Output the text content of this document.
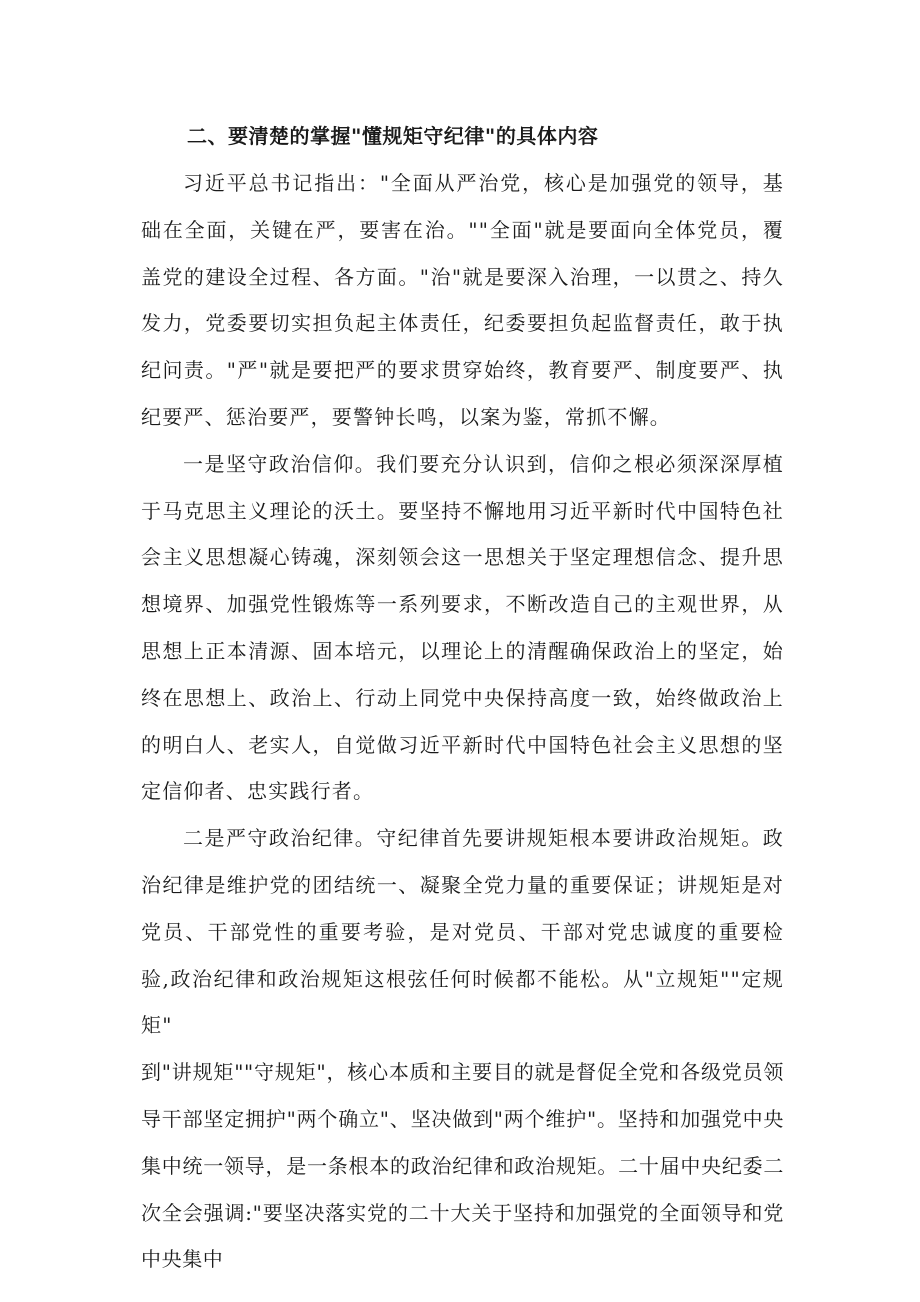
二、要清楚的掌握"懂规矩守纪律"的具体内容

习近平总书记指出："全面从严治党，核心是加强党的领导，基础在全面，关键在严，要害在治。""全面"就是要面向全体党员，覆盖党的建设全过程、各方面。"治"就是要深入治理，一以贯之、持久发力，党委要切实担负起主体责任，纪委要担负起监督责任，敢于执纪问责。"严"就是要把严的要求贯穿始终，教育要严、制度要严、执纪要严、惩治要严，要警钟长鸣，以案为鉴，常抓不懈。

一是坚守政治信仰。我们要充分认识到，信仰之根必须深深厚植于马克思主义理论的沃土。要坚持不懈地用习近平新时代中国特色社会主义思想凝心铸魂，深刻领会这一思想关于坚定理想信念、提升思想境界、加强党性锻炼等一系列要求，不断改造自己的主观世界，从思想上正本清源、固本培元，以理论上的清醒确保政治上的坚定，始终在思想上、政治上、行动上同党中央保持高度一致，始终做政治上的明白人、老实人，自觉做习近平新时代中国特色社会主义思想的坚定信仰者、忠实践行者。

二是严守政治纪律。守纪律首先要讲规矩根本要讲政治规矩。政治纪律是维护党的团结统一、凝聚全党力量的重要保证；讲规矩是对党员、干部党性的重要考验，是对党员、干部对党忠诚度的重要检验,政治纪律和政治规矩这根弦任何时候都不能松。从"立规矩""定规矩"

到"讲规矩""守规矩"，核心本质和主要目的就是督促全党和各级党员领导干部坚定拥护"两个确立"、坚决做到"两个维护"。坚持和加强党中央集中统一领导，是一条根本的政治纪律和政治规矩。二十届中央纪委二次全会强调:"要坚决落实党的二十大关于坚持和加强党的全面领导和党中央集中
